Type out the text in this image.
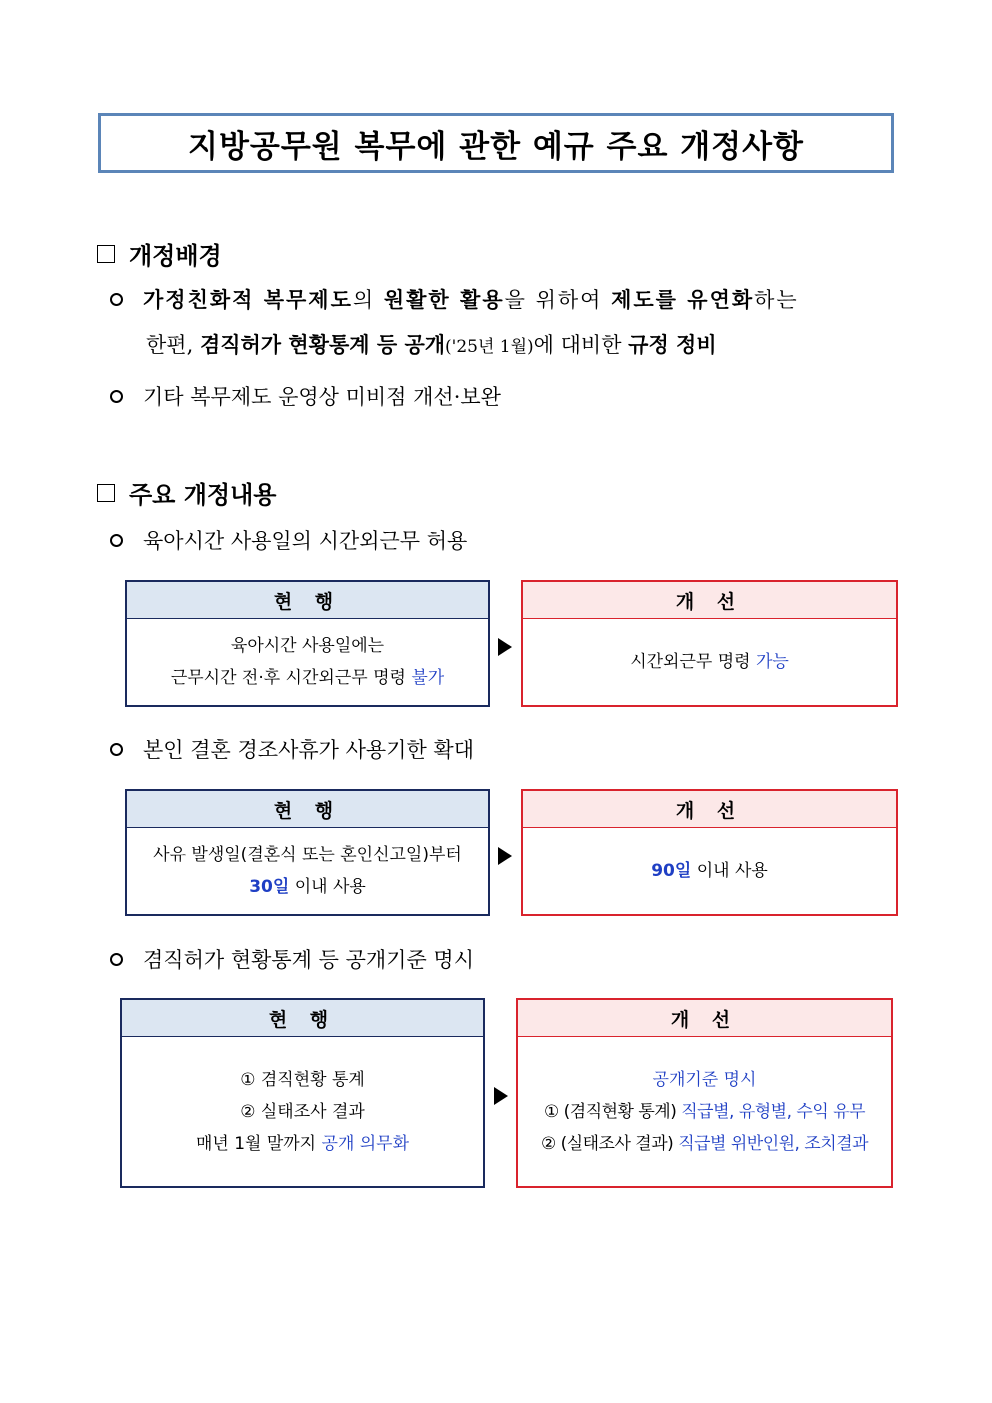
지방공무원 복무에 관한 예규 주요 개정사항
개정배경
가정친화적 복무제도의 원활한 활용을 위하여 제도를 유연화하는
한편, 겸직허가 현황통계 등 공개('25년 1월)에 대비한 규정 정비
기타 복무제도 운영상 미비점 개선·보완
주요 개정내용
육아시간 사용일의 시간외근무 허용
현 행
육아시간 사용일에는
근무시간 전·후 시간외근무 명령 불가
개 선
시간외근무 명령 가능
본인 결혼 경조사휴가 사용기한 확대
현 행
사유 발생일(결혼식 또는 혼인신고일)부터
30일 이내 사용
개 선
90일 이내 사용
겸직허가 현황통계 등 공개기준 명시
현 행
① 겸직현황 통계
② 실태조사 결과
매년 1월 말까지 공개 의무화
개 선
공개기준 명시
① (겸직현황 통계) 직급별, 유형별, 수익 유무
② (실태조사 결과) 직급별 위반인원, 조치결과
